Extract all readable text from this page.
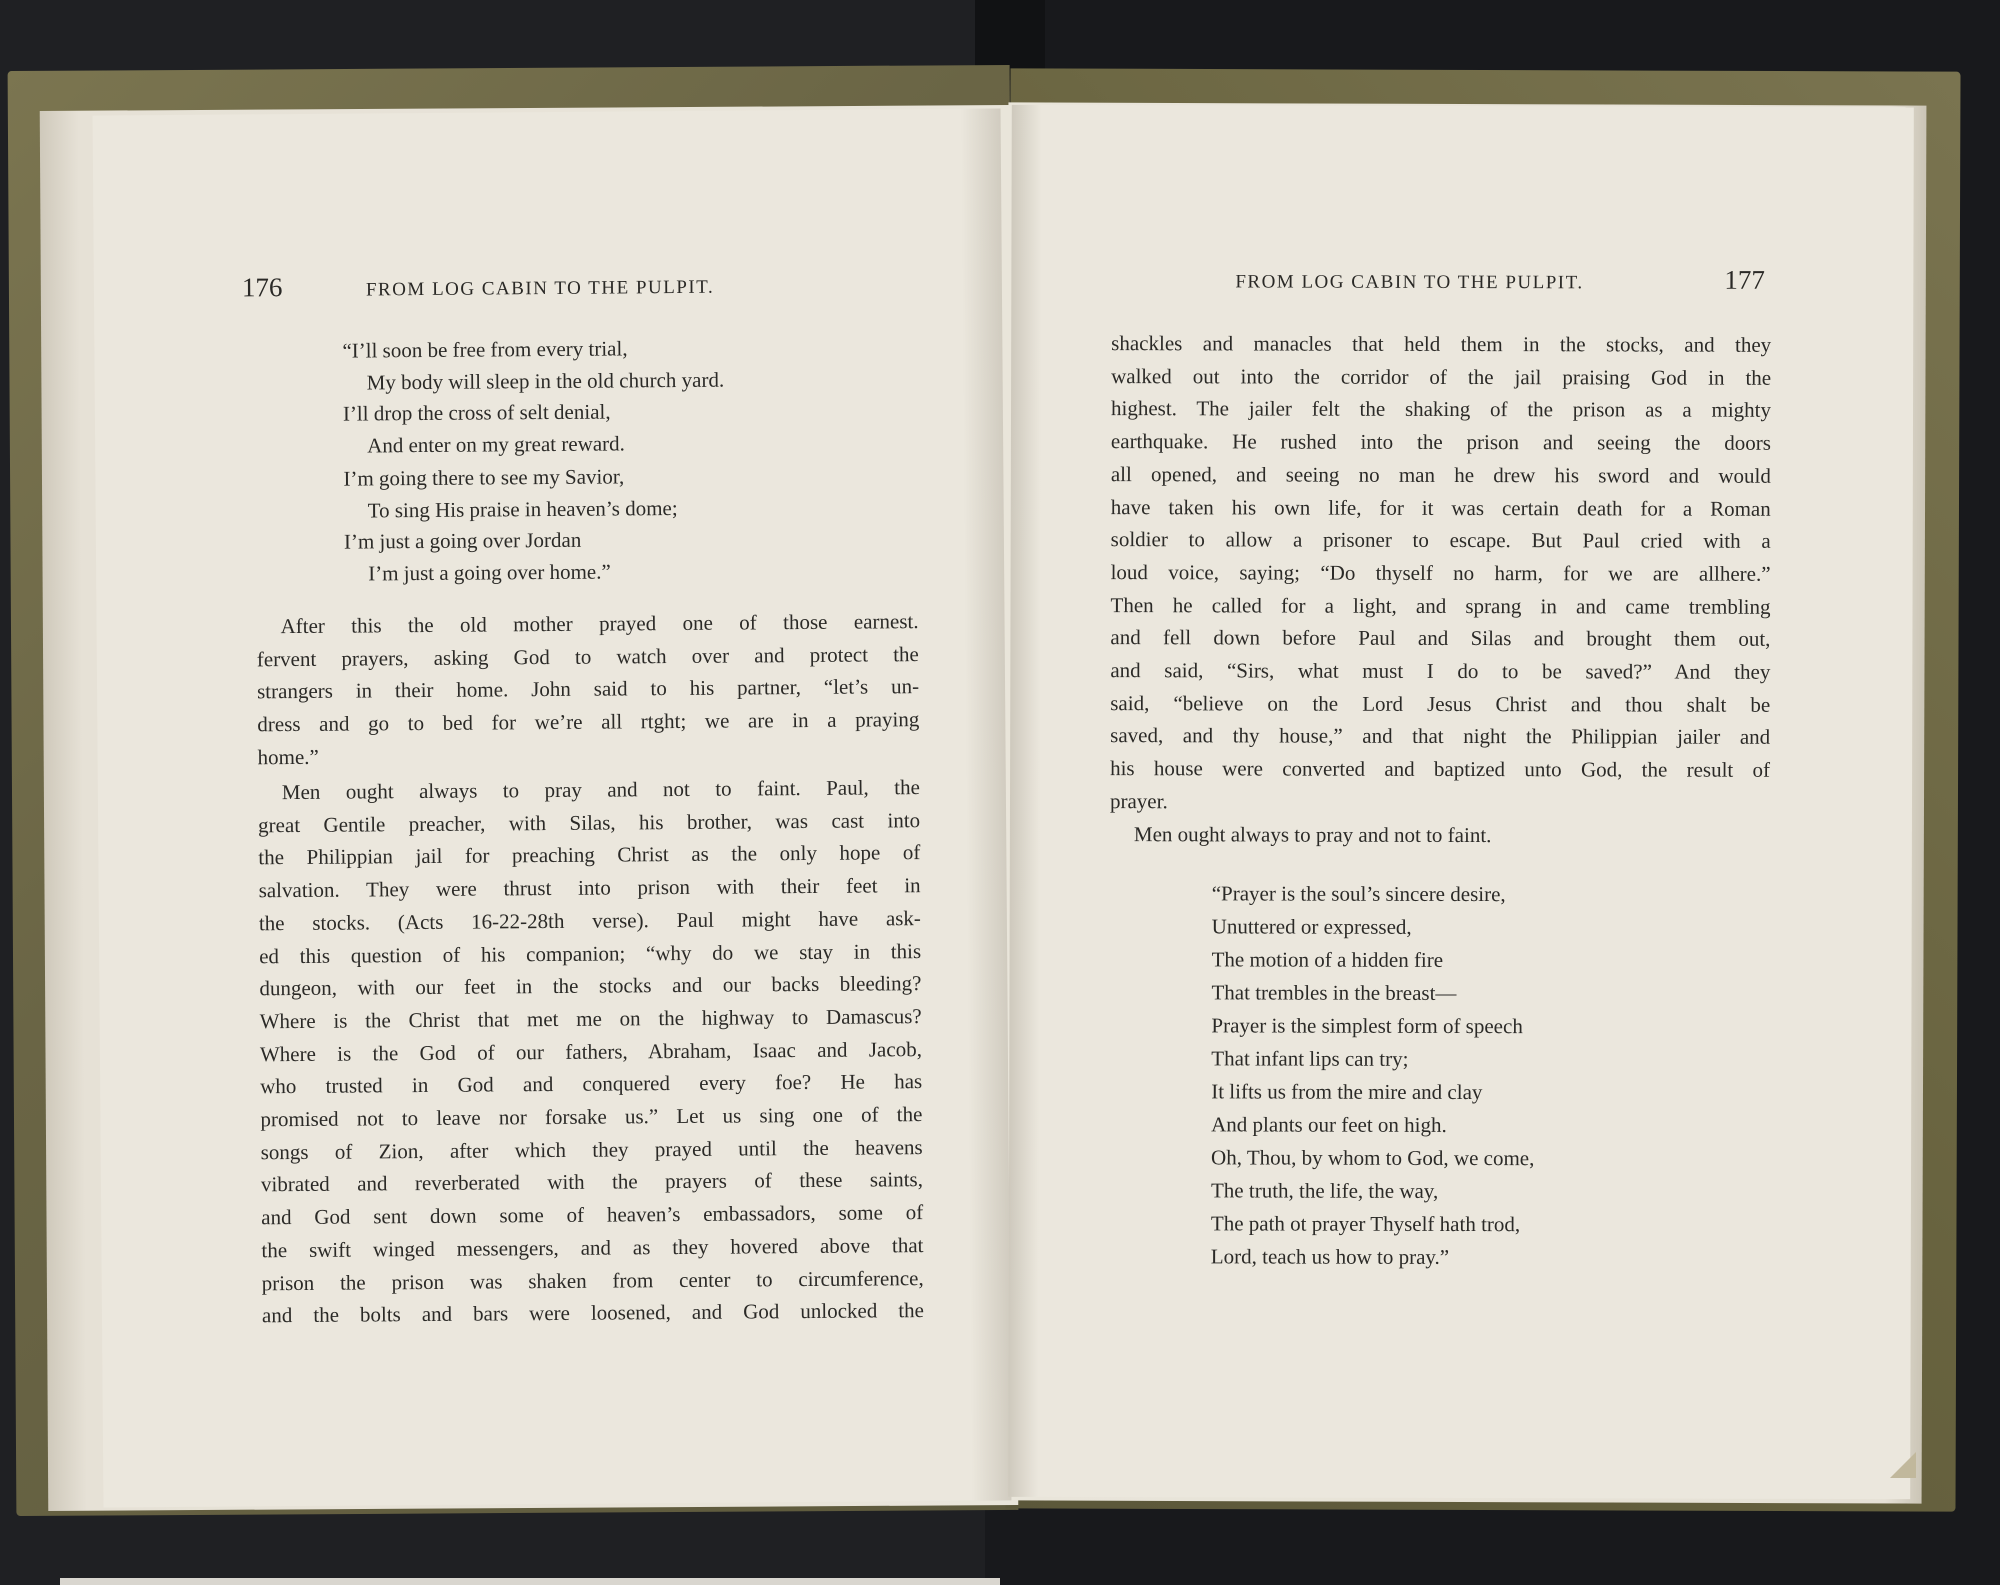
176	FROM LOG CABIN TO THE PULPIT.
“I’ll soon be free from every trial,
My body will sleep in the old church yard.
I’ll drop the cross of selt denial,
And enter on my great reward.
I’m going there to see my Savior,
To sing His praise in heaven’s dome;
I’m just a going over Jordan
I’m just a going over home.”
After this the old mother prayed one of those earnest.
fervent prayers, asking God to watch over and protect the
strangers in their home. John said to his partner, “let’s un-
dress and go to bed for we’re all rtght; we are in a praying
home.”
Men ought always to pray and not to faint. Paul, the
great Gentile preacher, with Silas, his brother, was cast into
the Philippian jail for preaching Christ as the only hope of
salvation. They were thrust into prison with their feet in
the stocks. (Acts 16-22-28th verse). Paul might have ask-
ed this question of his companion; “why do we stay in this
dungeon, with our feet in the stocks and our backs bleeding?
Where is the Christ that met me on the highway to Damascus?
Where is the God of our fathers, Abraham, Isaac and Jacob,
who trusted in God and conquered every foe? He has
promised not to leave nor forsake us.” Let us sing one of the
songs of Zion, after which they prayed until the heavens
vibrated and reverberated with the prayers of these saints,
and God sent down some of heaven’s embassadors, some of
the swift winged messengers, and as they hovered above that
prison the prison was shaken from center to circumference,
and the bolts and bars were loosened, and God unlocked the
FROM LOG CABIN TO THE PULPIT.	177
shackles and manacles that held them in the stocks, and they
walked out into the corridor of the jail praising God in the
highest. The jailer felt the shaking of the prison as a mighty
earthquake. He rushed into the prison and seeing the doors
all opened, and seeing no man he drew his sword and would
have taken his own life, for it was certain death for a Roman
soldier to allow a prisoner to escape. But Paul cried with a
loud voice, saying; “Do thyself no harm, for we are allhere.”
Then he called for a light, and sprang in and came trembling
and fell down before Paul and Silas and brought them out,
and said, “Sirs, what must I do to be saved?” And they
said, “believe on the Lord Jesus Christ and thou shalt be
saved, and thy house,” and that night the Philippian jailer and
his house were converted and baptized unto God, the result of
prayer.
Men ought always to pray and not to faint.
“Prayer is the soul’s sincere desire,
Unuttered or expressed,
The motion of a hidden fire
That trembles in the breast—
Prayer is the simplest form of speech
That infant lips can try;
It lifts us from the mire and clay
And plants our feet on high.
Oh, Thou, by whom to God, we come,
The truth, the life, the way,
The path ot prayer Thyself hath trod,
Lord, teach us how to pray.”
